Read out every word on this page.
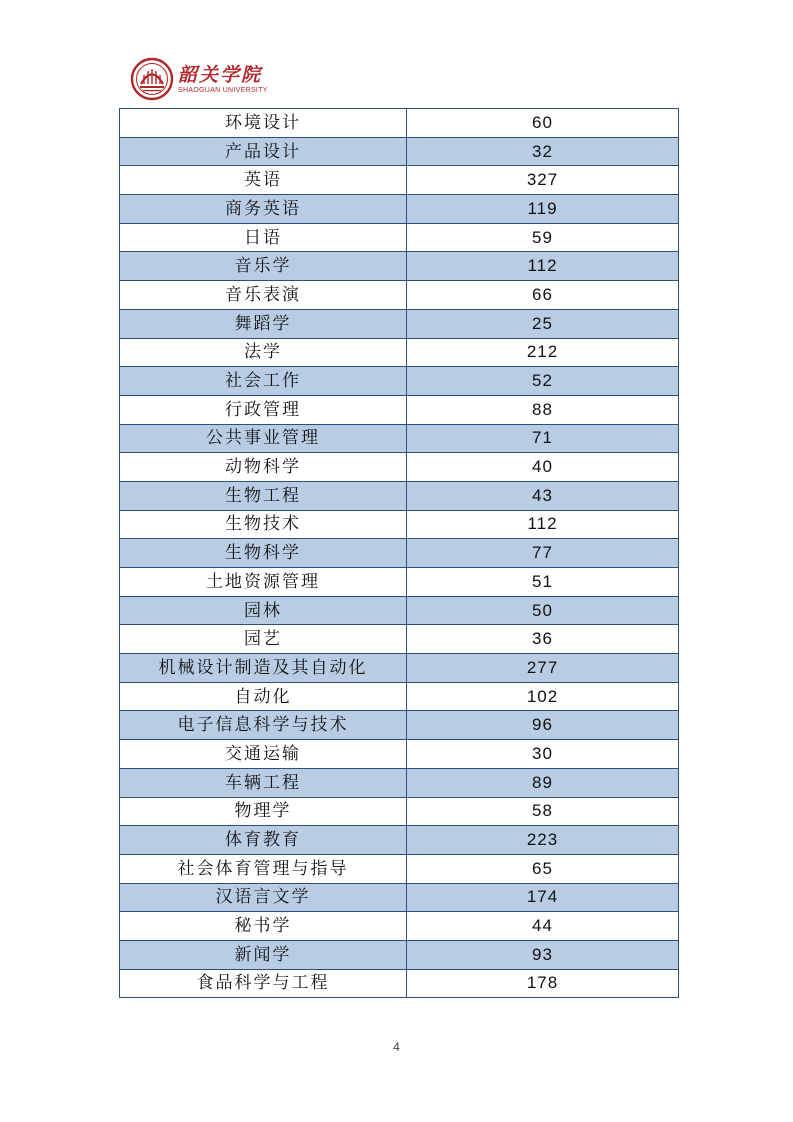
韶关学院
SHAOGUAN UNIVERSITY
环境设计	60
产品设计	32
英语	327
商务英语	119
日语	59
音乐学	112
音乐表演	66
舞蹈学	25
法学	212
社会工作	52
行政管理	88
公共事业管理	71
动物科学	40
生物工程	43
生物技术	112
生物科学	77
土地资源管理	51
园林	50
园艺	36
机械设计制造及其自动化	277
自动化	102
电子信息科学与技术	96
交通运输	30
车辆工程	89
物理学	58
体育教育	223
社会体育管理与指导	65
汉语言文学	174
秘书学	44
新闻学	93
食品科学与工程	178
4
